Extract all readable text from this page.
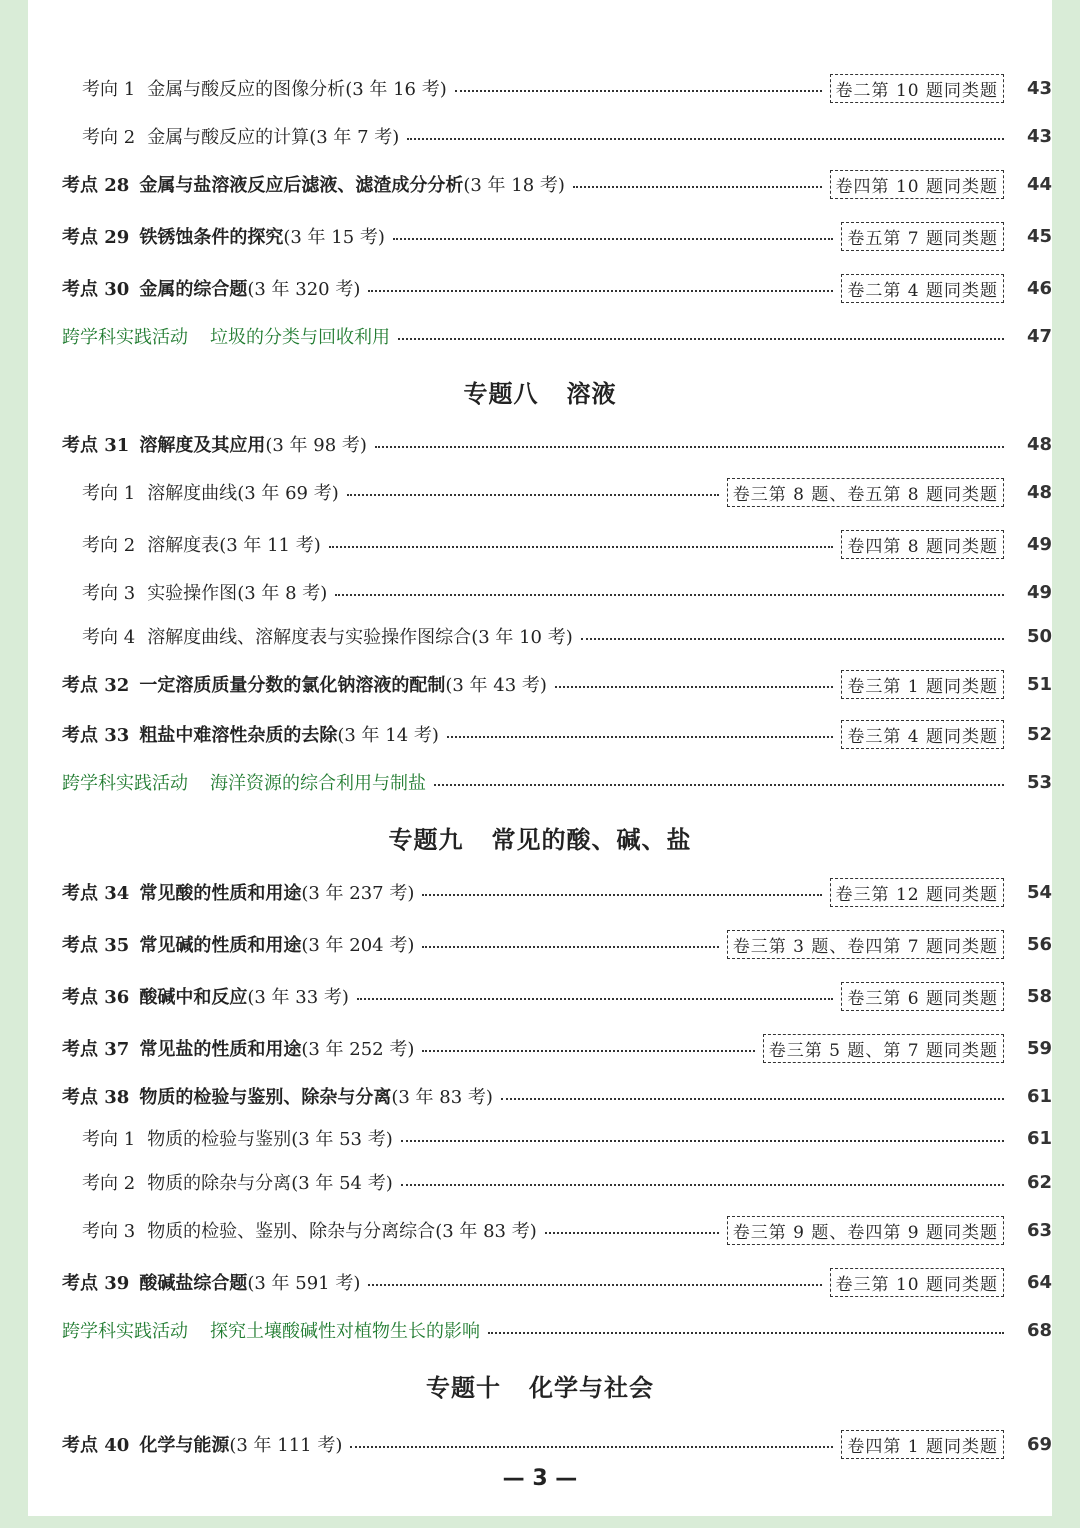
考向 1 金属与酸反应的图像分析(3 年 16 考)	卷二第 10 题同类题	43
考向 2 金属与酸反应的计算(3 年 7 考)	43
考点 28 金属与盐溶液反应后滤液、滤渣成分分析(3 年 18 考)	卷四第 10 题同类题	44
考点 29 铁锈蚀条件的探究(3 年 15 考)	卷五第 7 题同类题	45
考点 30 金属的综合题(3 年 320 考)	卷二第 4 题同类题	46
跨学科实践活动 垃圾的分类与回收利用	47
专题八 溶液
考点 31 溶解度及其应用(3 年 98 考)	48
考向 1 溶解度曲线(3 年 69 考)	卷三第 8 题、卷五第 8 题同类题	48
考向 2 溶解度表(3 年 11 考)	卷四第 8 题同类题	49
考向 3 实验操作图(3 年 8 考)	49
考向 4 溶解度曲线、溶解度表与实验操作图综合(3 年 10 考)	50
考点 32 一定溶质质量分数的氯化钠溶液的配制(3 年 43 考)	卷三第 1 题同类题	51
考点 33 粗盐中难溶性杂质的去除(3 年 14 考)	卷三第 4 题同类题	52
跨学科实践活动 海洋资源的综合利用与制盐	53
专题九 常见的酸、碱、盐
考点 34 常见酸的性质和用途(3 年 237 考)	卷三第 12 题同类题	54
考点 35 常见碱的性质和用途(3 年 204 考)	卷三第 3 题、卷四第 7 题同类题	56
考点 36 酸碱中和反应(3 年 33 考)	卷三第 6 题同类题	58
考点 37 常见盐的性质和用途(3 年 252 考)	卷三第 5 题、第 7 题同类题	59
考点 38 物质的检验与鉴别、除杂与分离(3 年 83 考)	61
考向 1 物质的检验与鉴别(3 年 53 考)	61
考向 2 物质的除杂与分离(3 年 54 考)	62
考向 3 物质的检验、鉴别、除杂与分离综合(3 年 83 考)	卷三第 9 题、卷四第 9 题同类题	63
考点 39 酸碱盐综合题(3 年 591 考)	卷三第 10 题同类题	64
跨学科实践活动 探究土壤酸碱性对植物生长的影响	68
专题十 化学与社会
考点 40 化学与能源(3 年 111 考)	卷四第 1 题同类题	69
— 3 —
